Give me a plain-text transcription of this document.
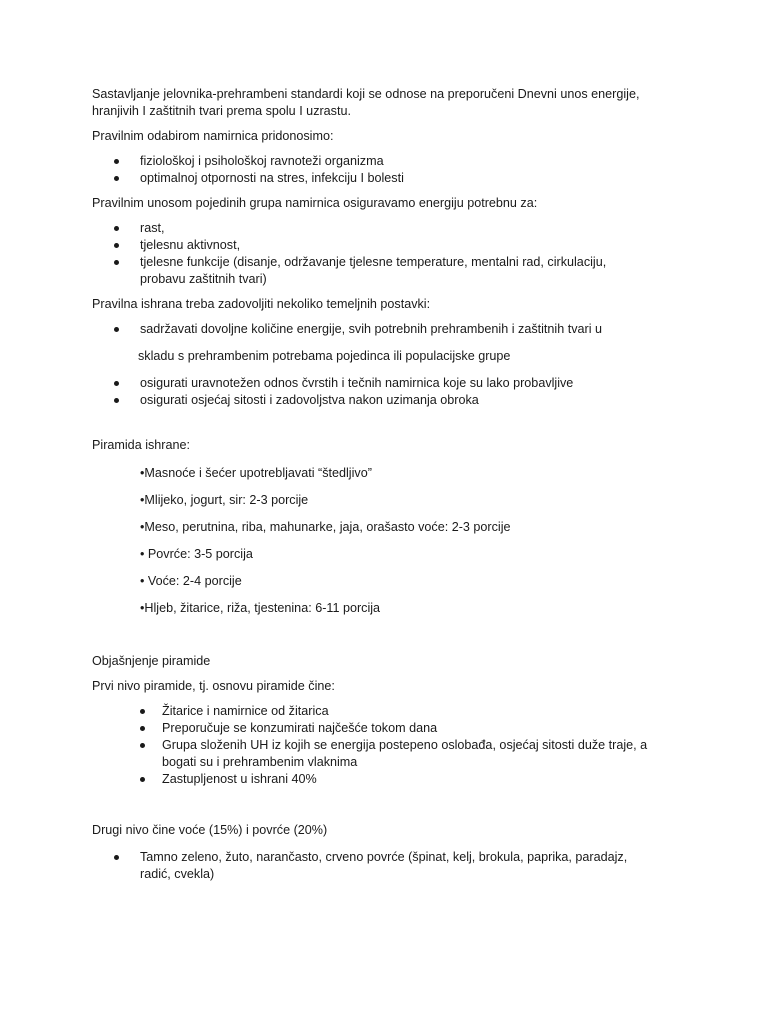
Sastavljanje jelovnika-prehrambeni standardi koji se odnose na preporučeni Dnevni unos energije,

hranjivih I zaštitnih tvari prema spolu I uzrastu.

Pravilnim odabirom namirnica pridonosimo:

fiziološkoj i psihološkoj ravnoteži organizma
optimalnoj otpornosti na stres, infekciju I bolesti

Pravilnim unosom pojedinih grupa namirnica osiguravamo energiju potrebnu za:

rast,
tjelesnu aktivnost,
tjelesne funkcije (disanje, održavanje tjelesne temperature, mentalni rad, cirkulaciju,
probavu zaštitnih tvari)

Pravilna ishrana treba zadovoljiti nekoliko temeljnih postavki:

sadržavati dovoljne količine energije, svih potrebnih prehrambenih i zaštitnih tvari u

skladu s prehrambenim potrebama pojedinca ili populacijske grupe

osigurati uravnotežen odnos čvrstih i tečnih namirnica koje su lako probavljive
osigurati osjećaj sitosti i zadovoljstva nakon uzimanja obroka

Piramida ishrane:

•Masnoće i šećer upotrebljavati “štedljivo”

•Mlijeko, jogurt, sir: 2-3 porcije

•Meso, perutnina, riba, mahunarke, jaja, orašasto voće: 2-3 porcije

• Povrće: 3-5 porcija

• Voće: 2-4 porcije

•Hljeb, žitarice, riža, tjestenina: 6-11 porcija

Objašnjenje piramide

Prvi nivo piramide, tj. osnovu piramide čine:

Žitarice i namirnice od žitarica
Preporučuje se konzumirati najčešće tokom dana
Grupa složenih UH iz kojih se energija postepeno oslobađa, osjećaj sitosti duže traje, a
bogati su i prehrambenim vlaknima
Zastupljenost u ishrani 40%

Drugi nivo čine voće (15%) i povrće (20%)

Tamno zeleno, žuto, narančasto, crveno povrće (špinat, kelj, brokula, paprika, paradajz,
radić, cvekla)
